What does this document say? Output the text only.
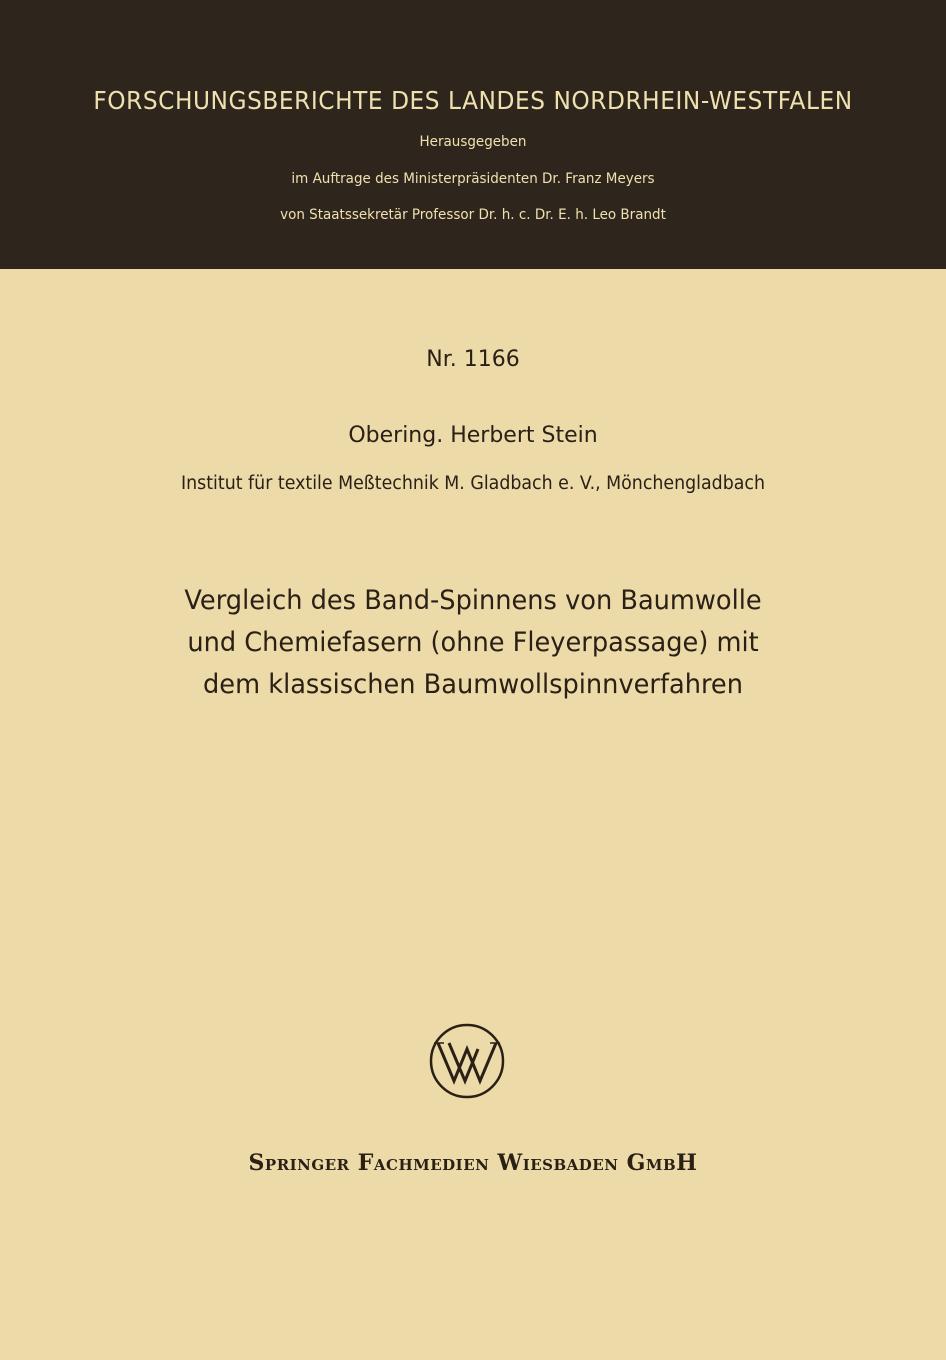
FORSCHUNGSBERICHTE DES LANDES NORDRHEIN-WESTFALEN
Herausgegeben
im Auftrage des Ministerpräsidenten Dr. Franz Meyers
von Staatssekretär Professor Dr. h. c. Dr. E. h. Leo Brandt
Nr. 1166
Obering. Herbert Stein
Institut für textile Meßtechnik M. Gladbach e. V., Mönchengladbach
Vergleich des Band-Spinnens von Baumwolle
und Chemiefasern (ohne Fleyerpassage) mit
dem klassischen Baumwollspinnverfahren
Springer Fachmedien Wiesbaden GmbH
